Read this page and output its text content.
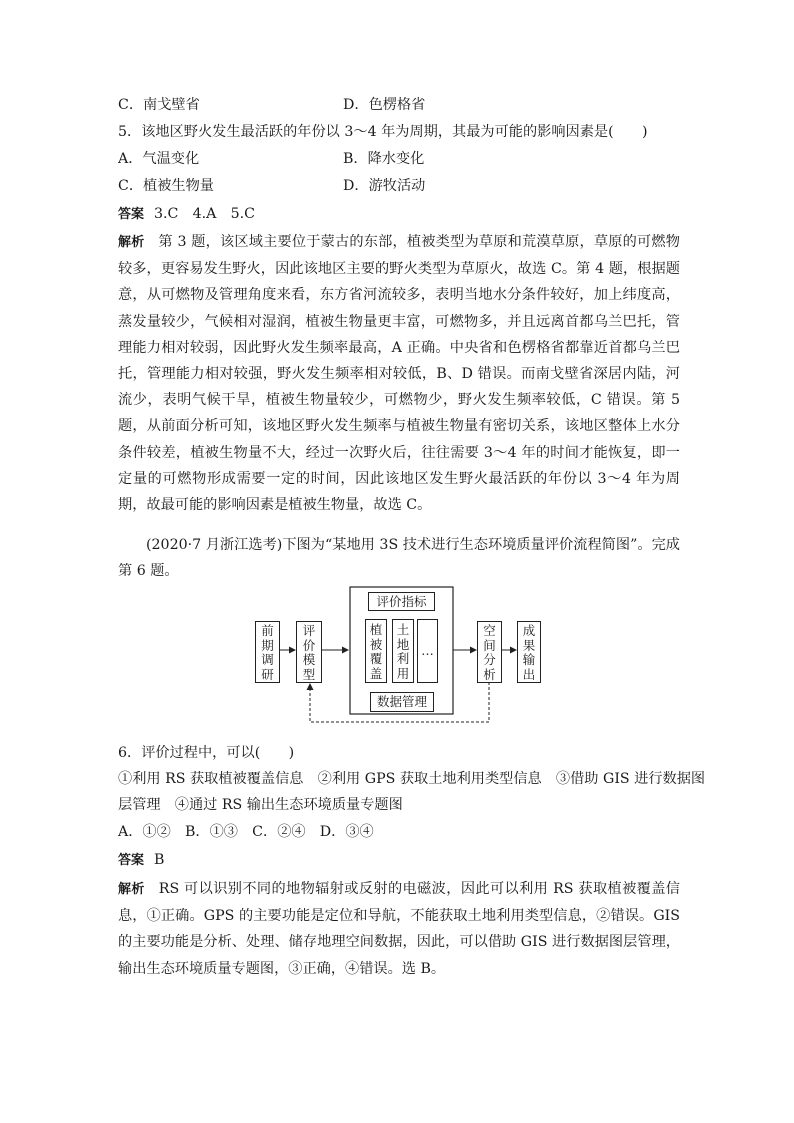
C．南戈壁省	D．色楞格省
5．该地区野火发生最活跃的年份以 3～4 年为周期，其最为可能的影响因素是(　　)
A．气温变化	B．降水变化
C．植被生物量	D．游牧活动
答案 3.C　4.A　5.C
解析 第 3 题，该区域主要位于蒙古的东部，植被类型为草原和荒漠草原，草原的可燃物较多，更容易发生野火，因此该地区主要的野火类型为草原火，故选 C。第 4 题，根据题意，从可燃物及管理角度来看，东方省河流较多，表明当地水分条件较好，加上纬度高，蒸发量较少，气候相对湿润，植被生物量更丰富，可燃物多，并且远离首都乌兰巴托，管理能力相对较弱，因此野火发生频率最高，A 正确。中央省和色楞格省都靠近首都乌兰巴托，管理能力相对较强，野火发生频率相对较低，B、D 错误。而南戈壁省深居内陆，河流少，表明气候干旱，植被生物量较少，可燃物少，野火发生频率较低，C 错误。第 5 题，从前面分析可知，该地区野火发生频率与植被生物量有密切关系，该地区整体上水分条件较差，植被生物量不大，经过一次野火后，往往需要 3～4 年的时间才能恢复，即一定量的可燃物形成需要一定的时间，因此该地区发生野火最活跃的年份以 3～4 年为周期，故最可能的影响因素是植被生物量，故选 C。
(2020·7 月浙江选考)下图为“某地用 3S 技术进行生态环境质量评价流程简图”。完成第 6 题。
前期调研
评价模型
评价指标
植被覆盖
土地利用
…
数据管理
空间分析
成果输出
6．评价过程中，可以(　　)
①利用 RS 获取植被覆盖信息　②利用 GPS 获取土地利用类型信息　③借助 GIS 进行数据图
层管理　④通过 RS 输出生态环境质量专题图
A．①②　B．①③　C．②④　D．③④
答案 B
解析 RS 可以识别不同的地物辐射或反射的电磁波，因此可以利用 RS 获取植被覆盖信息，①正确。GPS 的主要功能是定位和导航，不能获取土地利用类型信息，②错误。GIS 的主要功能是分析、处理、储存地理空间数据，因此，可以借助 GIS 进行数据图层管理，输出生态环境质量专题图，③正确，④错误。选 B。
